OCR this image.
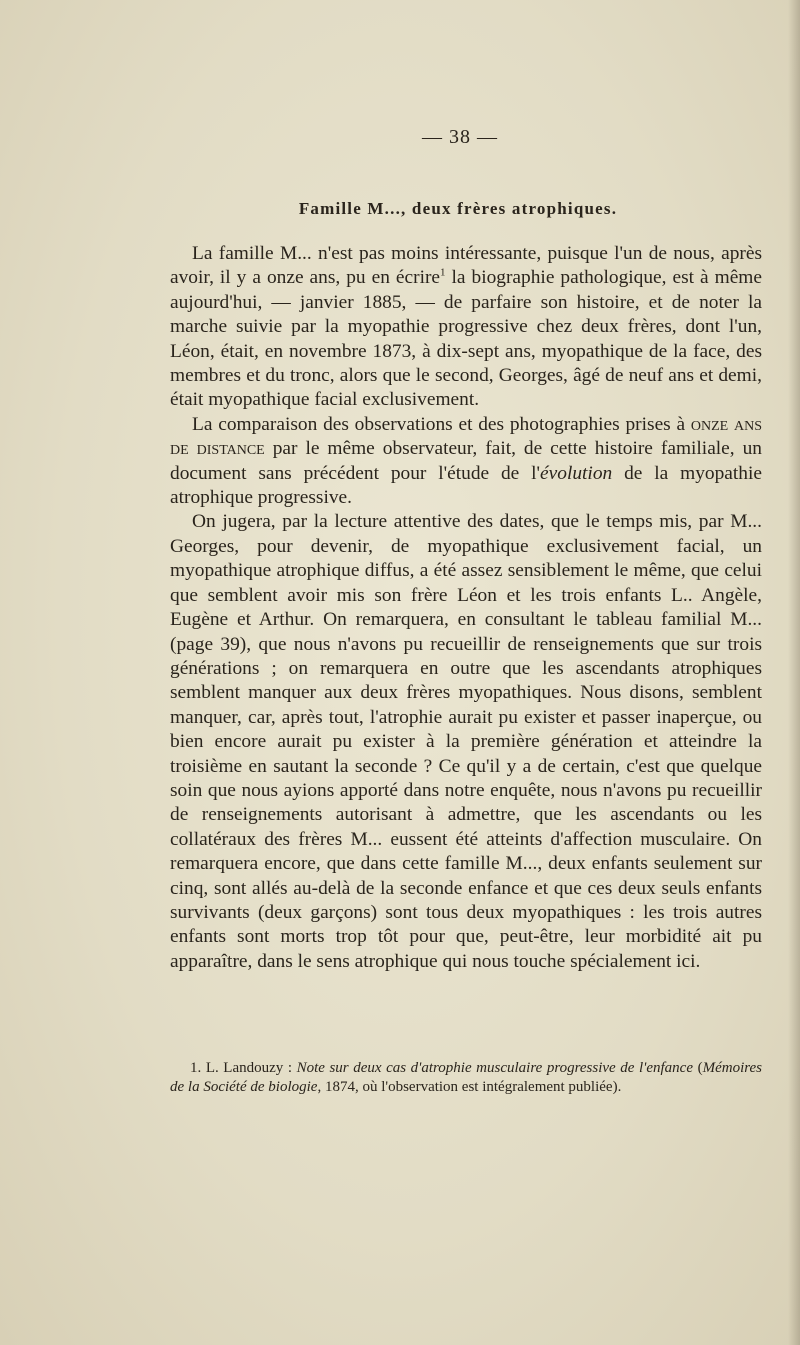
— 38 —
Famille M..., deux frères atrophiques.

La famille M... n'est pas moins intéressante, puisque l'un de nous, après avoir, il y a onze ans, pu en écrire$^1$ la biographie pathologique, est à même aujourd'hui, — janvier 1885, — de parfaire son histoire, et de noter la marche suivie par la myopathie progressive chez deux frères, dont l'un, Léon, était, en novembre 1873, à dix-sept ans, myopathique de la face, des membres et du tronc, alors que le second, Georges, âgé de neuf ans et demi, était myopathique facial exclusivement.

La comparaison des observations et des photographies prises à onze ans de distance par le même observateur, fait, de cette histoire familiale, un document sans précédent pour l'étude de l'évolution de la myopathie atrophique progressive.

On jugera, par la lecture attentive des dates, que le temps mis, par M... Georges, pour devenir, de myopathique exclusivement facial, un myopathique atrophique diffus, a été assez sensiblement le même, que celui que semblent avoir mis son frère Léon et les trois enfants L.. Angèle, Eugène et Arthur. On remarquera, en consultant le tableau familial M... (page 39), que nous n'avons pu recueillir de renseignements que sur trois générations ; on remarquera en outre que les ascendants atrophiques semblent manquer aux deux frères myopathiques. Nous disons, semblent manquer, car, après tout, l'atrophie aurait pu exister et passer inaperçue, ou bien encore aurait pu exister à la première génération et atteindre la troisième en sautant la seconde ? Ce qu'il y a de certain, c'est que quelque soin que nous ayions apporté dans notre enquête, nous n'avons pu recueillir de renseignements autorisant à admettre, que les ascendants ou les collatéraux des frères M... eussent été atteints d'affection musculaire. On remarquera encore, que dans cette famille M..., deux enfants seulement sur cinq, sont allés au-delà de la seconde enfance et que ces deux seuls enfants survivants (deux garçons) sont tous deux myopathiques : les trois autres enfants sont morts trop tôt pour que, peut-être, leur morbidité ait pu apparaître, dans le sens atrophique qui nous touche spécialement ici.

1. L. Landouzy : Note sur deux cas d'atrophie musculaire progressive de l'enfance (Mémoires de la Société de biologie, 1874, où l'observation est intégralement publiée).
